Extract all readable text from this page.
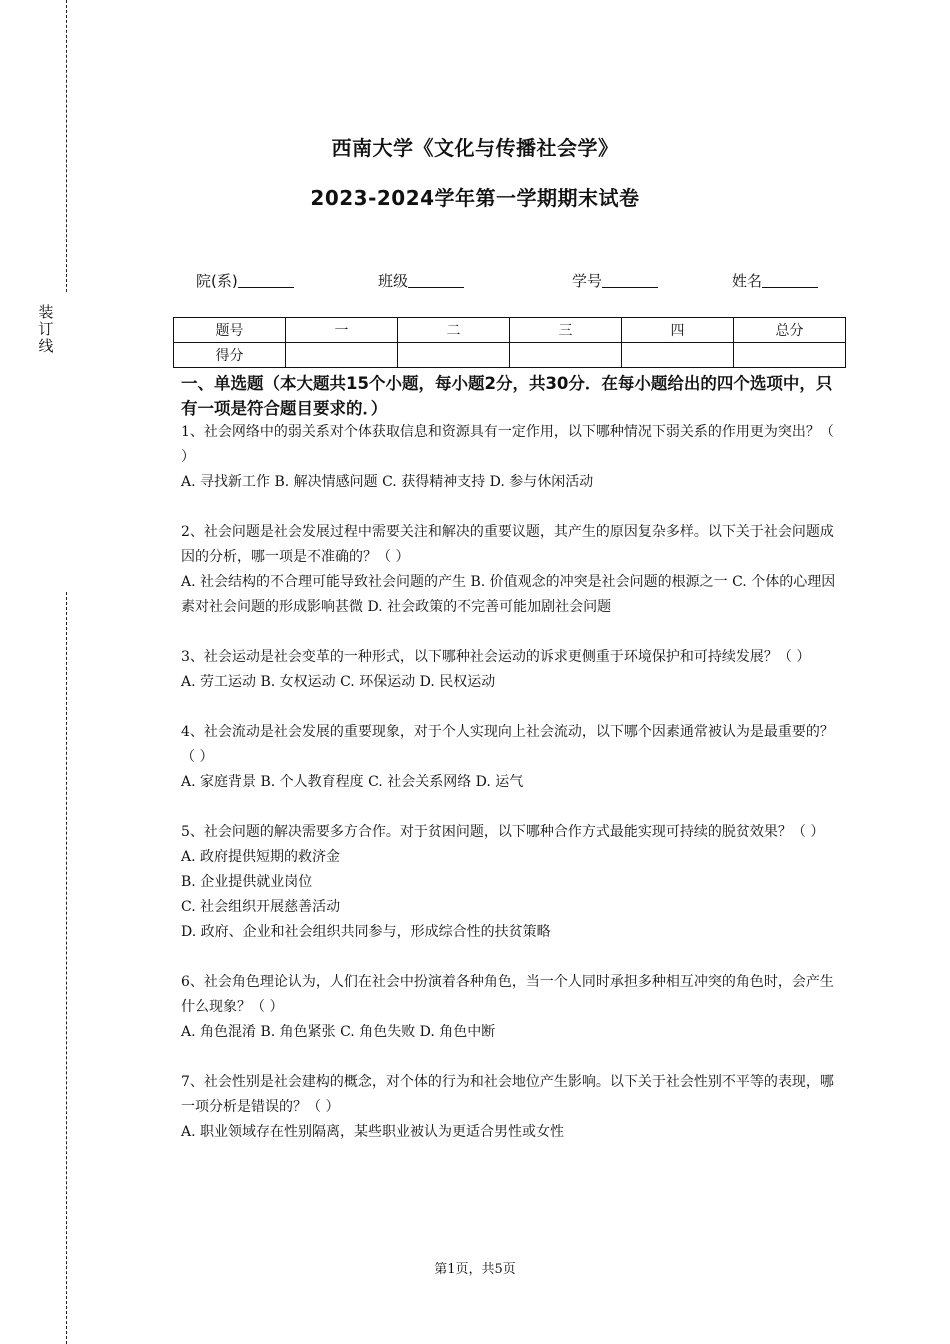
装订线
西南大学《文化与传播社会学》
2023-2024学年第一学期期末试卷
院(系)	班级	学号	姓名
题号	一	二	三	四	总分
得分					
一、单选题（本大题共15个小题，每小题2分，共30分．在每小题给出的四个选项中，只有一项是符合题目要求的．）

1、社会网络中的弱关系对个体获取信息和资源具有一定作用，以下哪种情况下弱关系的作用更为突出？（ ）

A. 寻找新工作 B. 解决情感问题 C. 获得精神支持 D. 参与休闲活动

2、社会问题是社会发展过程中需要关注和解决的重要议题，其产生的原因复杂多样。以下关于社会问题成因的分析，哪一项是不准确的？（ ）

A. 社会结构的不合理可能导致社会问题的产生 B. 价值观念的冲突是社会问题的根源之一 C. 个体的心理因素对社会问题的形成影响甚微 D. 社会政策的不完善可能加剧社会问题

3、社会运动是社会变革的一种形式，以下哪种社会运动的诉求更侧重于环境保护和可持续发展？（ ）

A. 劳工运动 B. 女权运动 C. 环保运动 D. 民权运动

4、社会流动是社会发展的重要现象，对于个人实现向上社会流动，以下哪个因素通常被认为是最重要的？（ ）

A. 家庭背景 B. 个人教育程度 C. 社会关系网络 D. 运气

5、社会问题的解决需要多方合作。对于贫困问题，以下哪种合作方式最能实现可持续的脱贫效果？（ ）

A. 政府提供短期的救济金

B. 企业提供就业岗位

C. 社会组织开展慈善活动

D. 政府、企业和社会组织共同参与，形成综合性的扶贫策略

6、社会角色理论认为，人们在社会中扮演着各种角色，当一个人同时承担多种相互冲突的角色时，会产生什么现象？（ ）

A. 角色混淆 B. 角色紧张 C. 角色失败 D. 角色中断

7、社会性别是社会建构的概念，对个体的行为和社会地位产生影响。以下关于社会性别不平等的表现，哪一项分析是错误的？（ ）

A. 职业领域存在性别隔离，某些职业被认为更适合男性或女性

第1页，共5页
